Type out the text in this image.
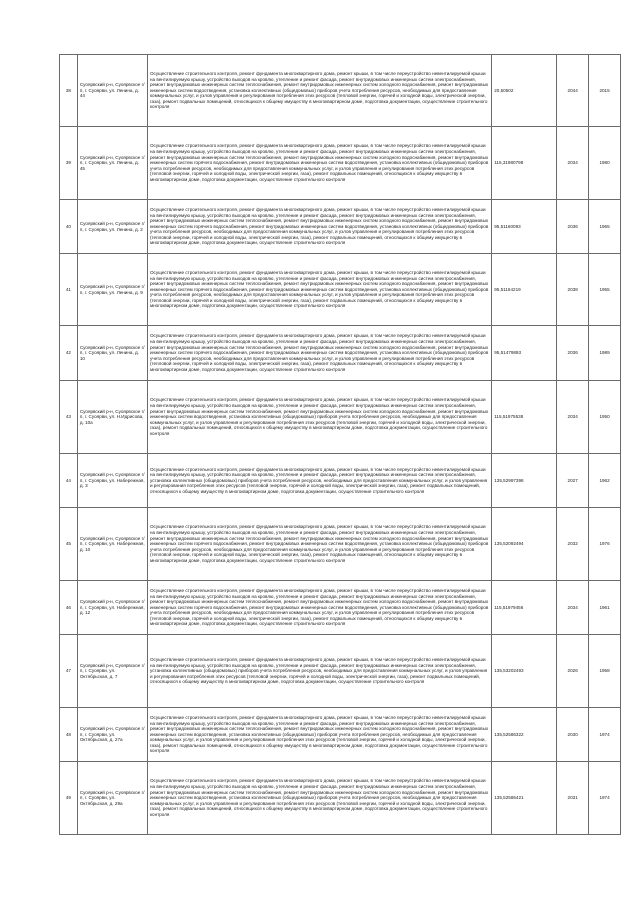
38	Суоярвский р-н, Суоярвское г/п, г. Суоярви, ул. Ленина, д. 44	Осуществление строительного контроля, ремонт фундамента многоквартирного дома, ремонт крыши, в том числе переустройство невентилируемой крыши на вентилируемую крышу, устройство выходов на кровлю, утепление и ремонт фасада, ремонт внутридомовых инженерных систем электроснабжения, ремонт внутридомовых инженерных систем теплоснабжения, ремонт внутридомовых инженерных систем холодного водоснабжения, ремонт внутридомовых инженерных систем водоотведения, установка коллективных (общедомовых) приборов учета потребления ресурсов, необходимых для предоставления коммунальных услуг, и узлов управления и регулирования потребления этих ресурсов (тепловой энергии, горячей и холодной воды, электрической энергии, газа), ремонт подвальных помещений, относящихся к общему имуществу в многоквартирном доме, подготовка документации, осуществление строительного контроля	20,50502	2044	2015
39	Суоярвский р-н, Суоярвское г/п, г. Суоярви, ул. Ленина, д. 45	Осуществление строительного контроля, ремонт фундамента многоквартирного дома, ремонт крыши, в том числе переустройство невентилируемой крыши на вентилируемую крышу, устройство выходов на кровлю, утепление и ремонт фасада, ремонт внутридомовых инженерных систем электроснабжения, ремонт внутридомовых инженерных систем теплоснабжения, ремонт внутридомовых инженерных систем холодного водоснабжения, ремонт внутридомовых инженерных систем горячего водоснабжения, ремонт внутридомовых инженерных систем водоотведения, установка коллективных (общедомовых) приборов учета потребления ресурсов, необходимых для предоставления коммунальных услуг, и узлов управления и регулирования потребления этих ресурсов (тепловой энергии, горячей и холодной воды, электрической энергии, газа), ремонт подвальных помещений, относящихся к общему имуществу в многоквартирном доме, подготовка документации, осуществление строительного контроля	115,31980798	2034	1980
40	Суоярвский р-н, Суоярвское г/п, г. Суоярви, ул. Ленина, д. 2	Осуществление строительного контроля, ремонт фундамента многоквартирного дома, ремонт крыши, в том числе переустройство невентилируемой крыши на вентилируемую крышу, устройство выходов на кровлю, утепление и ремонт фасада, ремонт внутридомовых инженерных систем электроснабжения, ремонт внутридомовых инженерных систем теплоснабжения, ремонт внутридомовых инженерных систем холодного водоснабжения, ремонт внутридомовых инженерных систем горячего водоснабжения, ремонт внутридомовых инженерных систем водоотведения, установка коллективных (общедомовых) приборов учета потребления ресурсов, необходимых для предоставления коммунальных услуг, и узлов управления и регулирования потребления этих ресурсов (тепловой энергии, горячей и холодной воды, электрической энергии, газа), ремонт подвальных помещений, относящихся к общему имуществу в многоквартирном доме, подготовка документации, осуществление строительного контроля	95,51160093	2036	1965
41	Суоярвский р-н, Суоярвское г/п, г. Суоярви, ул. Ленина, д. 9	Осуществление строительного контроля, ремонт фундамента многоквартирного дома, ремонт крыши, в том числе переустройство невентилируемой крыши на вентилируемую крышу, устройство выходов на кровлю, утепление и ремонт фасада, ремонт внутридомовых инженерных систем электроснабжения, ремонт внутридомовых инженерных систем теплоснабжения, ремонт внутридомовых инженерных систем холодного водоснабжения, ремонт внутридомовых инженерных систем горячего водоснабжения, ремонт внутридомовых инженерных систем водоотведения, установка коллективных (общедомовых) приборов учета потребления ресурсов, необходимых для предоставления коммунальных услуг, и узлов управления и регулирования потребления этих ресурсов (тепловой энергии, горячей и холодной воды, электрической энергии, газа), ремонт подвальных помещений, относящихся к общему имуществу в многоквартирном доме, подготовка документации, осуществление строительного контроля	95,51164219	2038	1955
42	Суоярвский р-н, Суоярвское г/п, г. Суоярви, ул. Ленина, д. 10	Осуществление строительного контроля, ремонт фундамента многоквартирного дома, ремонт крыши, в том числе переустройство невентилируемой крыши на вентилируемую крышу, устройство выходов на кровлю, утепление и ремонт фасада, ремонт внутридомовых инженерных систем электроснабжения, ремонт внутридомовых инженерных систем теплоснабжения, ремонт внутридомовых инженерных систем холодного водоснабжения, ремонт внутридомовых инженерных систем горячего водоснабжения, ремонт внутридомовых инженерных систем водоотведения, установка коллективных (общедомовых) приборов учета потребления ресурсов, необходимых для предоставления коммунальных услуг, и узлов управления и регулирования потребления этих ресурсов (тепловой энергии, горячей и холодной воды, электрической энергии, газа), ремонт подвальных помещений, относящихся к общему имуществу в многоквартирном доме, подготовка документации, осуществление строительного контроля	95,51479893	2036	1989
43	Суоярвский р-н, Суоярвское г/п, г. Суоярви, ул. Н.Идрисова, д. 10а	Осуществление строительного контроля, ремонт фундамента многоквартирного дома, ремонт крыши, в том числе переустройство невентилируемой крыши на вентилируемую крышу, устройство выходов на кровлю, утепление и ремонт фасада, ремонт внутридомовых инженерных систем электроснабжения, ремонт внутридомовых инженерных систем теплоснабжения, ремонт внутридомовых инженерных систем холодного водоснабжения, ремонт внутридомовых инженерных систем водоотведения, установка коллективных (общедомовых) приборов учета потребления ресурсов, необходимых для предоставления коммунальных услуг, и узлов управления и регулирования потребления этих ресурсов (тепловой энергии, горячей и холодной воды, электрической энергии, газа), ремонт подвальных помещений, относящихся к общему имуществу в многоквартирном доме, подготовка документации, осуществление строительного контроля	115,51975538	2034	1950
44	Суоярвский р-н, Суоярвское г/п, г. Суоярви, ул. Набережная, д. 3	Осуществление строительного контроля, ремонт фундамента многоквартирного дома, ремонт крыши, в том числе переустройство невентилируемой крыши на вентилируемую крышу, устройство выходов на кровлю, утепление и ремонт фасада, ремонт внутридомовых инженерных систем электроснабжения, установка коллективных (общедомовых) приборов учета потребления ресурсов, необходимых для предоставления коммунальных услуг, и узлов управления и регулирования потребления этих ресурсов (тепловой энергии, горячей и холодной воды, электрической энергии, газа), ремонт подвальных помещений, относящихся к общему имуществу в многоквартирном доме, подготовка документации, осуществление строительного контроля	135,52997398	2027	1962
45	Суоярвский р-н, Суоярвское г/п, г. Суоярви, ул. Набережная, д. 10	Осуществление строительного контроля, ремонт фундамента многоквартирного дома, ремонт крыши, в том числе переустройство невентилируемой крыши на вентилируемую крышу, устройство выходов на кровлю, утепление и ремонт фасада, ремонт внутридомовых инженерных систем электроснабжения, ремонт внутридомовых инженерных систем теплоснабжения, ремонт внутридомовых инженерных систем холодного водоснабжения, ремонт внутридомовых инженерных систем горячего водоснабжения, ремонт внутридомовых инженерных систем водоотведения, установка коллективных (общедомовых) приборов учета потребления ресурсов, необходимых для предоставления коммунальных услуг, и узлов управления и регулирования потребления этих ресурсов (тепловой энергии, горячей и холодной воды, электрической энергии, газа), ремонт подвальных помещений, относящихся к общему имуществу в многоквартирном доме, подготовка документации, осуществление строительного контроля	135,52092494	2032	1976
46	Суоярвский р-н, Суоярвское г/п, г. Суоярви, ул. Набережная, д. 12	Осуществление строительного контроля, ремонт фундамента многоквартирного дома, ремонт крыши, в том числе переустройство невентилируемой крыши на вентилируемую крышу, устройство выходов на кровлю, утепление и ремонт фасада, ремонт внутридомовых инженерных систем электроснабжения, ремонт внутридомовых инженерных систем теплоснабжения, ремонт внутридомовых инженерных систем холодного водоснабжения, ремонт внутридомовых инженерных систем горячего водоснабжения, ремонт внутридомовых инженерных систем водоотведения, установка коллективных (общедомовых) приборов учета потребления ресурсов, необходимых для предоставления коммунальных услуг, и узлов управления и регулирования потребления этих ресурсов (тепловой энергии, горячей и холодной воды, электрической энергии, газа), ремонт подвальных помещений, относящихся к общему имуществу в многоквартирном доме, подготовка документации, осуществление строительного контроля	115,51979456	2034	1961
47	Суоярвский р-н, Суоярвское г/п, г. Суоярви, ул. Октябрьская, д. 7	Осуществление строительного контроля, ремонт фундамента многоквартирного дома, ремонт крыши, в том числе переустройство невентилируемой крыши на вентилируемую крышу, устройство выходов на кровлю, утепление и ремонт фасада, ремонт внутридомовых инженерных систем электроснабжения, установка коллективных (общедомовых) приборов учета потребления ресурсов, необходимых для предоставления коммунальных услуг, и узлов управления и регулирования потребления этих ресурсов (тепловой энергии, горячей и холодной воды, электрической энергии, газа), ремонт подвальных помещений, относящихся к общему имуществу в многоквартирном доме, подготовка документации, осуществление строительного контроля	135,53202493	2026	1958
48	Суоярвский р-н, Суоярвское г/п, г. Суоярви, ул. Октябрьская, д. 27а	Осуществление строительного контроля, ремонт фундамента многоквартирного дома, ремонт крыши, в том числе переустройство невентилируемой крыши на вентилируемую крышу, устройство выходов на кровлю, утепление и ремонт фасада, ремонт внутридомовых инженерных систем электроснабжения, ремонт внутридомовых инженерных систем теплоснабжения, ремонт внутридомовых инженерных систем холодного водоснабжения, ремонт внутридомовых инженерных систем водоотведения, установка коллективных (общедомовых) приборов учета потребления ресурсов, необходимых для предоставления коммунальных услуг, и узлов управления и регулирования потребления этих ресурсов (тепловой энергии, горячей и холодной воды, электрической энергии, газа), ремонт подвальных помещений, относящихся к общему имуществу в многоквартирном доме, подготовка документации, осуществление строительного контроля	135,52586322	2030	1974
49	Суоярвский р-н, Суоярвское г/п, г. Суоярви, ул. Октябрьская, д. 29а	Осуществление строительного контроля, ремонт фундамента многоквартирного дома, ремонт крыши, в том числе переустройство невентилируемой крыши на вентилируемую крышу, устройство выходов на кровлю, утепление и ремонт фасада, ремонт внутридомовых инженерных систем электроснабжения, ремонт внутридомовых инженерных систем теплоснабжения, ремонт внутридомовых инженерных систем холодного водоснабжения, ремонт внутридомовых инженерных систем водоотведения, установка коллективных (общедомовых) приборов учета потребления ресурсов, необходимых для предоставления коммунальных услуг, и узлов управления и регулирования потребления этих ресурсов (тепловой энергии, горячей и холодной воды, электрической энергии, газа), ремонт подвальных помещений, относящихся к общему имуществу в многоквартирном доме, подготовка документации, осуществление строительного контроля	135,52586421	2031	1974
